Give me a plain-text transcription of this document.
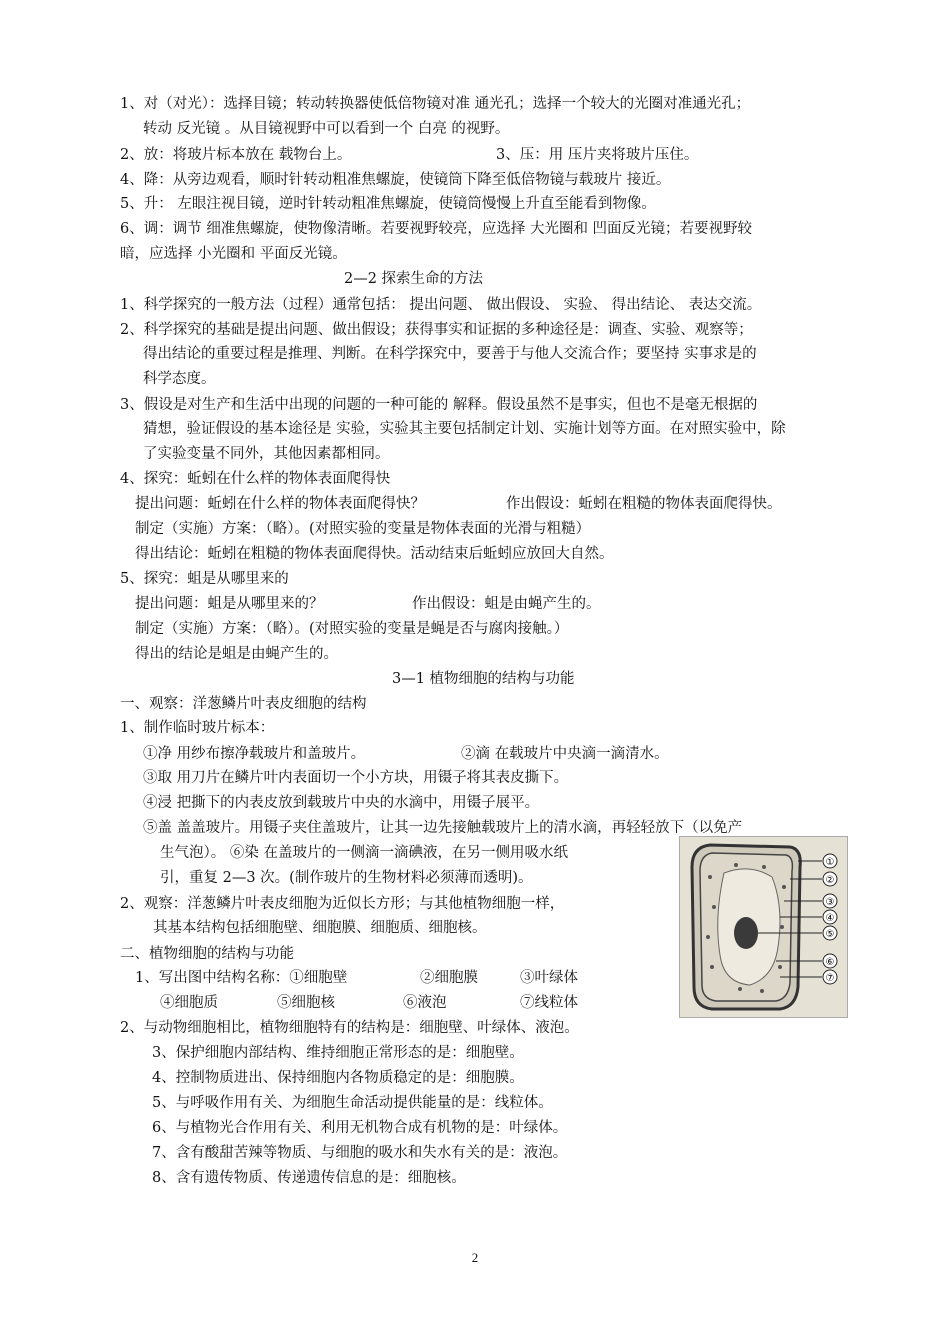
1、对（对光）：选择目镜；转动转换器使低倍物镜对准 通光孔；选择一个较大的光圈对准通光孔；
转动 反光镜 。从目镜视野中可以看到一个 白亮 的视野。
2、放：将玻片标本放在 载物台上。	3、压：用 压片夹将玻片压住。
4、降：从旁边观看，顺时针转动粗准焦螺旋，使镜筒下降至低倍物镜与载玻片 接近。
5、升： 左眼注视目镜，逆时针转动粗准焦螺旋，使镜筒慢慢上升直至能看到物像。
6、调：调节 细准焦螺旋，使物像清晰。若要视野较亮，应选择 大光圈和 凹面反光镜；若要视野较
暗，应选择 小光圈和 平面反光镜。
2—2 探索生命的方法
1、科学探究的一般方法（过程）通常包括： 提出问题、 做出假设、 实验、 得出结论、 表达交流。
2、科学探究的基础是提出问题、做出假设；获得事实和证据的多种途径是：调查、实验、观察等；
得出结论的重要过程是推理、判断。在科学探究中，要善于与他人交流合作；要坚持 实事求是的
科学态度。
3、假设是对生产和生活中出现的问题的一种可能的 解释。假设虽然不是事实，但也不是毫无根据的
猜想，验证假设的基本途径是 实验，实验其主要包括制定计划、实施计划等方面。在对照实验中，除
了实验变量不同外，其他因素都相同。
4、探究：蚯蚓在什么样的物体表面爬得快
提出问题：蚯蚓在什么样的物体表面爬得快？	作出假设：蚯蚓在粗糙的物体表面爬得快。
制定（实施）方案：（略）。(对照实验的变量是物体表面的光滑与粗糙）
得出结论：蚯蚓在粗糙的物体表面爬得快。活动结束后蚯蚓应放回大自然。
5、探究：蛆是从哪里来的
提出问题：蛆是从哪里来的？	作出假设：蛆是由蝇产生的。
制定（实施）方案：（略）。(对照实验的变量是蝇是否与腐肉接触。）
得出的结论是蛆是由蝇产生的。
3—1 植物细胞的结构与功能
一、观察：洋葱鳞片叶表皮细胞的结构
1、制作临时玻片标本：
①净 用纱布擦净载玻片和盖玻片。	②滴 在载玻片中央滴一滴清水。
③取 用刀片在鳞片叶内表面切一个小方块，用镊子将其表皮撕下。
④浸 把撕下的内表皮放到载玻片中央的水滴中，用镊子展平。
⑤盖 盖盖玻片。用镊子夹住盖玻片，让其一边先接触载玻片上的清水滴，再轻轻放下（以免产
生气泡）。 ⑥染 在盖玻片的一侧滴一滴碘液，在另一侧用吸水纸
引，重复 2—3 次。(制作玻片的生物材料必须薄而透明)。
2、观察：洋葱鳞片叶表皮细胞为近似长方形；与其他植物细胞一样，
其基本结构包括细胞壁、细胞膜、细胞质、细胞核。
二、植物细胞的结构与功能
1、写出图中结构名称：①细胞壁	②细胞膜	③叶绿体
④细胞质	⑤细胞核	⑥液泡	⑦线粒体
2、与动物细胞相比，植物细胞特有的结构是：细胞壁、叶绿体、液泡。
3、保护细胞内部结构、维持细胞正常形态的是：细胞壁。
4、控制物质进出、保持细胞内各物质稳定的是：细胞膜。
5、与呼吸作用有关、为细胞生命活动提供能量的是：线粒体。
6、与植物光合作用有关、利用无机物合成有机物的是：叶绿体。
7、含有酸甜苦辣等物质、与细胞的吸水和失水有关的是：液泡。
8、含有遗传物质、传递遗传信息的是：细胞核。
①
②
③
④
⑤
⑥
⑦
2
